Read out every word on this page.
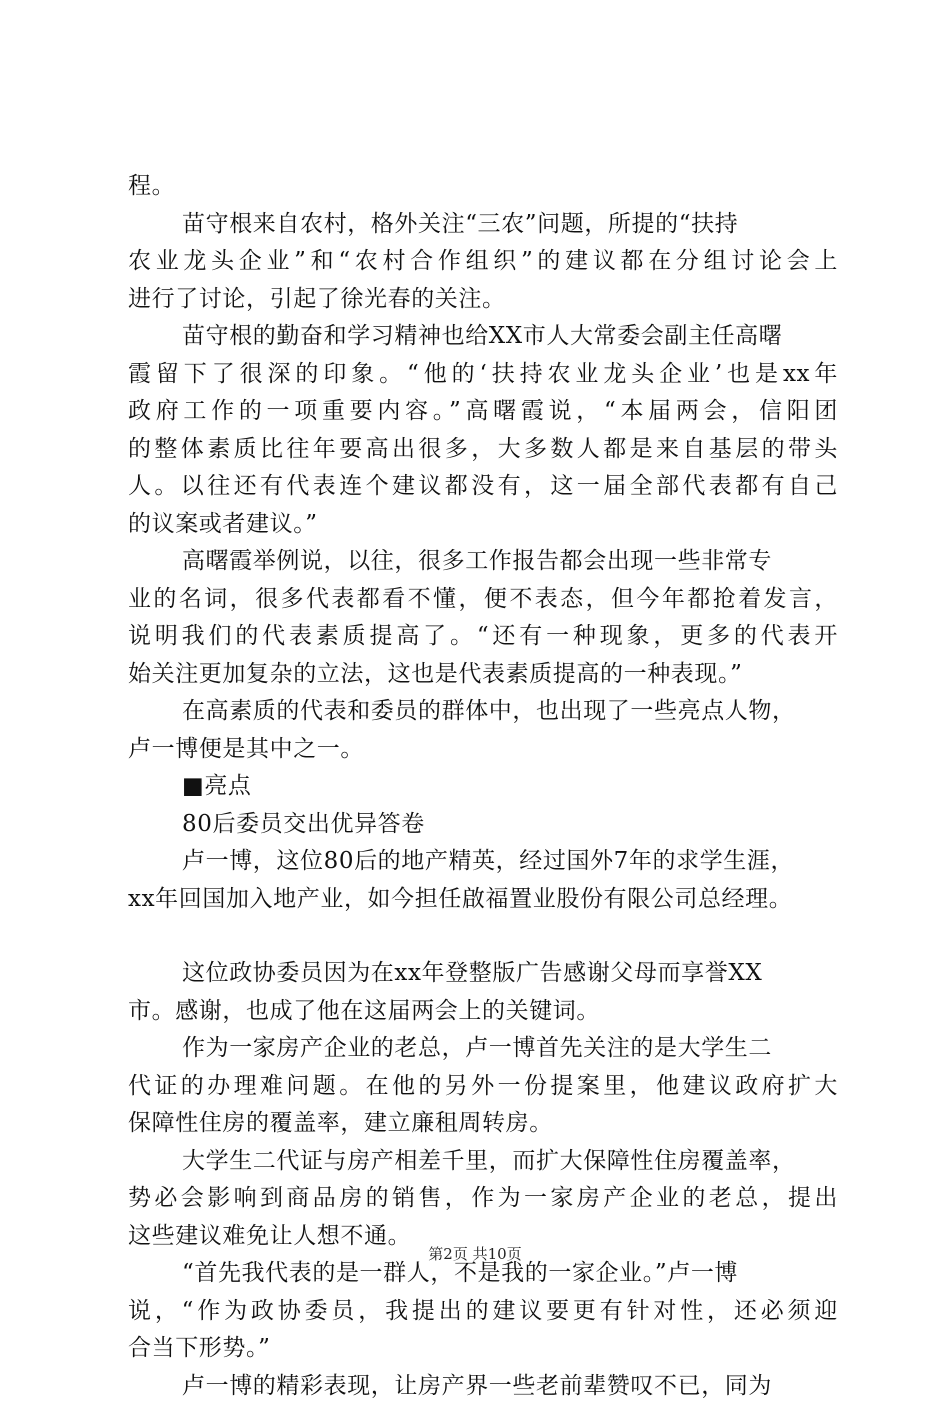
程。
苗守根来自农村，格外关注“三农”问题，所提的“扶持
农业龙头企业”和“农村合作组织”的建议都在分组讨论会上
进行了讨论，引起了徐光春的关注。
苗守根的勤奋和学习精神也给XX市人大常委会副主任高曙
霞留下了很深的印象。“他的‘扶持农业龙头企业’也是xx年
政府工作的一项重要内容。”高曙霞说，“本届两会，信阳团
的整体素质比往年要高出很多，大多数人都是来自基层的带头
人。以往还有代表连个建议都没有，这一届全部代表都有自己
的议案或者建议。”
高曙霞举例说，以往，很多工作报告都会出现一些非常专
业的名词，很多代表都看不懂，便不表态，但今年都抢着发言，
说明我们的代表素质提高了。“还有一种现象，更多的代表开
始关注更加复杂的立法，这也是代表素质提高的一种表现。”
在高素质的代表和委员的群体中，也出现了一些亮点人物，
卢一博便是其中之一。
■亮点
80后委员交出优异答卷
卢一博，这位80后的地产精英，经过国外7年的求学生涯，
xx年回国加入地产业，如今担任啟福置业股份有限公司总经理。
这位政协委员因为在xx年登整版广告感谢父母而享誉XX
市。感谢，也成了他在这届两会上的关键词。
作为一家房产企业的老总，卢一博首先关注的是大学生二
代证的办理难问题。在他的另外一份提案里，他建议政府扩大
保障性住房的覆盖率，建立廉租周转房。
大学生二代证与房产相差千里，而扩大保障性住房覆盖率，
势必会影响到商品房的销售，作为一家房产企业的老总，提出
这些建议难免让人想不通。
“首先我代表的是一群人，不是我的一家企业。”卢一博
说，“作为政协委员，我提出的建议要更有针对性，还必须迎
合当下形势。”
卢一博的精彩表现，让房产界一些老前辈赞叹不已，同为
第2页 共10页
